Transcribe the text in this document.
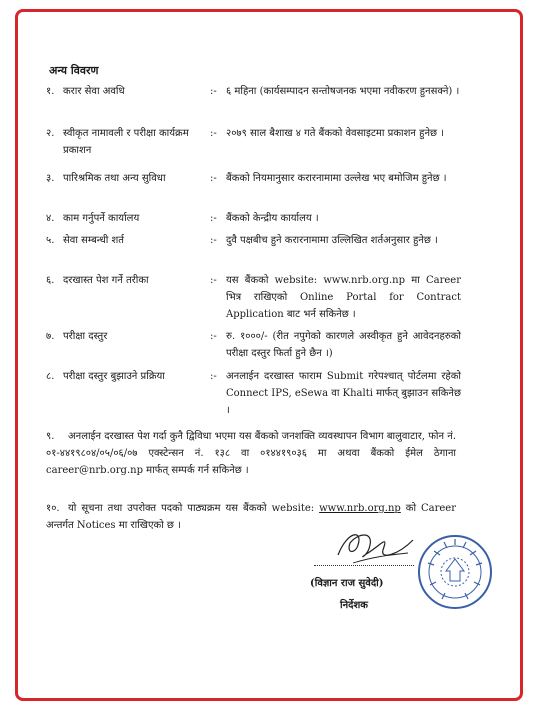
अन्य विवरण
१. करार सेवा अवधि	:- ६ महिना (कार्यसम्पादन सन्तोषजनक भएमा नवीकरण हुनसक्ने) ।
२. स्वीकृत नामावली र परीक्षा कार्यक्रम प्रकाशन
:- २०७९ साल बैशाख ४ गते बैंकको वेवसाइटमा प्रकाशन हुनेछ ।
३. पारिश्रमिक तथा अन्य सुविधा	:- बैंकको नियमानुसार करारनामामा उल्लेख भए बमोजिम हुनेछ ।
४. काम गर्नुपर्ने कार्यालय	:- बैंकको केन्द्रीय कार्यालय ।
५. सेवा सम्बन्धी शर्त	:- दुवै पक्षबीच हुने करारनामामा उल्लिखित शर्तअनुसार हुनेछ ।
६. दरखास्त पेश गर्ने तरीका	:- यस बैंकको website: www.nrb.org.np मा Career भित्र राखिएको Online Portal for Contract Application बाट भर्न सकिनेछ ।
७. परीक्षा दस्तुर	:- रु. १०००/- (रीत नपुगेको कारणले अस्वीकृत हुने आवेदनहरुको परीक्षा दस्तुर फिर्ता हुने छैन ।)
८. परीक्षा दस्तुर बुझाउने प्रक्रिया	:- अनलाईन दरखास्त फाराम Submit गरेपश्चात् पोर्टलमा रहेको Connect IPS, eSewa वा Khalti मार्फत् बुझाउन सकिनेछ ।
९. अनलाईन दरखास्त पेश गर्दा कुनै द्विविधा भएमा यस बैंकको जनशक्ति व्यवस्थापन विभाग बालुवाटार, फोन नं. ०१-४४१९८०४/०५/०६/०७ एक्स्टेन्सन नं. १३८ वा ०१४४१९०३६ मा अथवा बैंकको ईमेल ठेगाना career@nrb.org.np मार्फत् सम्पर्क गर्न सकिनेछ ।
१०. यो सूचना तथा उपरोक्त पदको पाठ्यक्रम यस बैंकको website: www.nrb.org.np को Career अन्तर्गत Notices मा राखिएको छ ।
(विज्ञान राज सुवेदी)
निर्देशक
